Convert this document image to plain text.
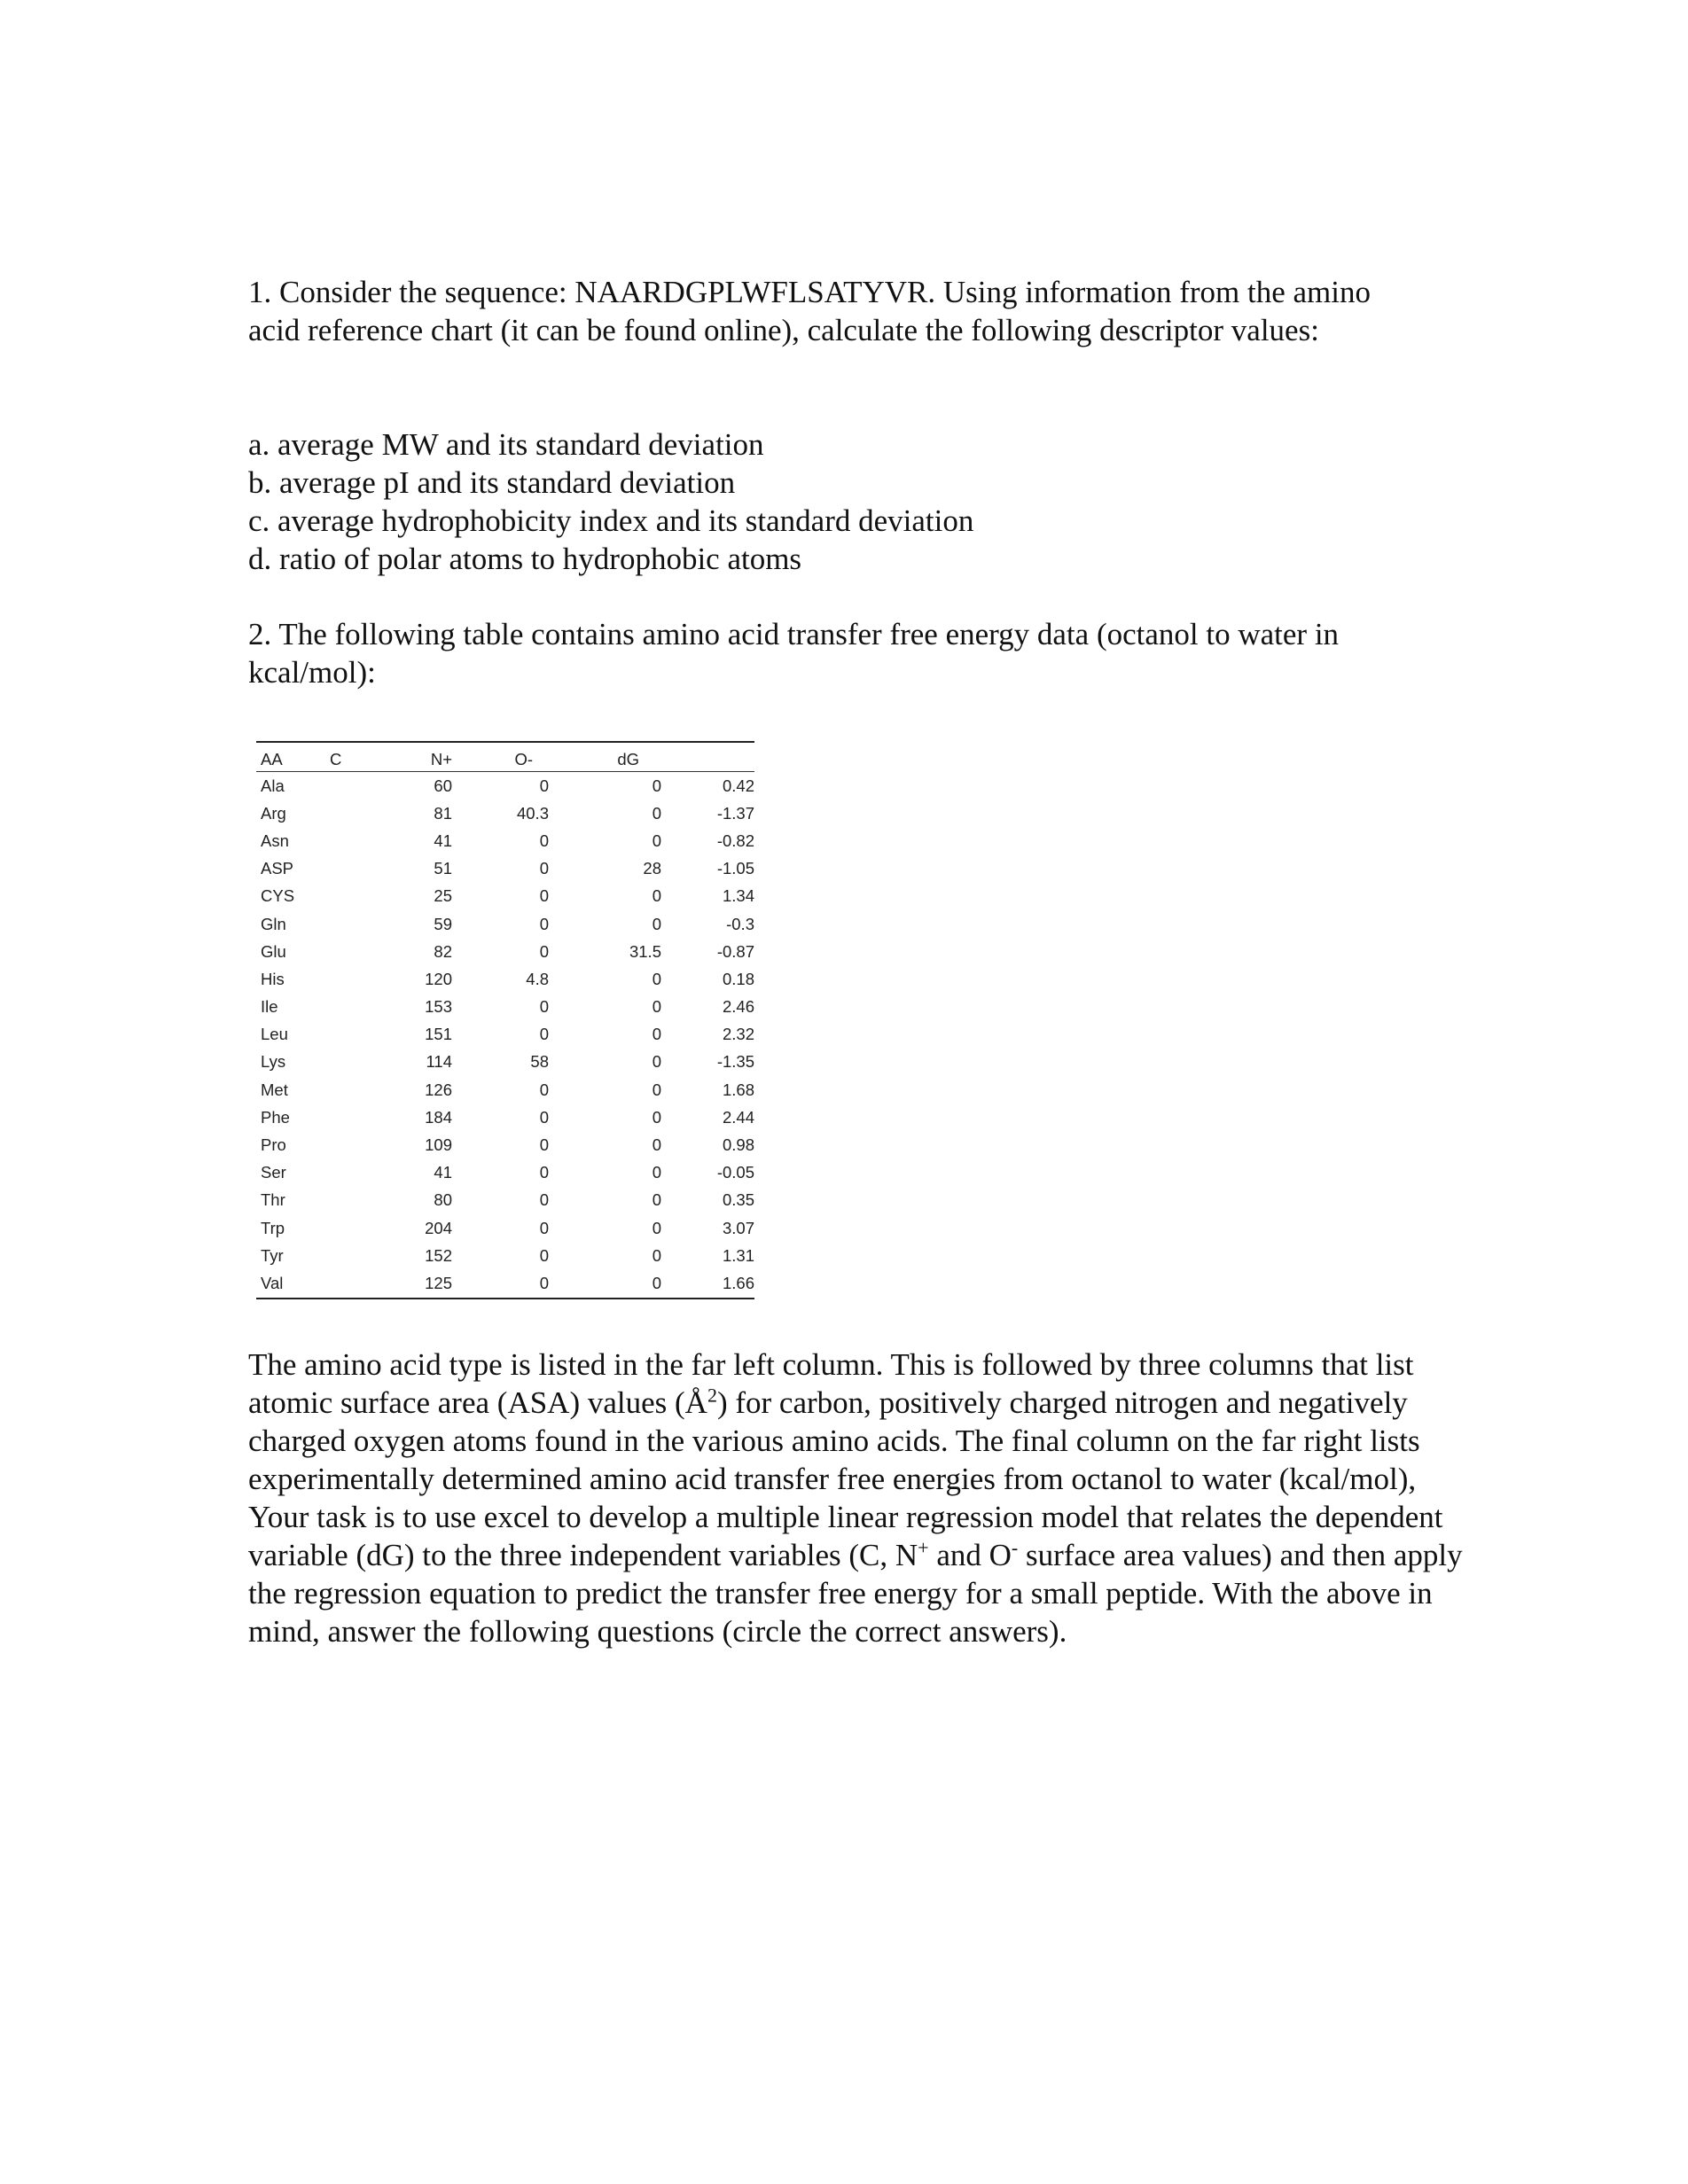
1. Consider the sequence: NAARDGPLWFLSATYVR. Using information from the amino acid reference chart (it can be found online), calculate the following descriptor values:

a. average MW and its standard deviation
b. average pI and its standard deviation
c. average hydrophobicity index and its standard deviation
d. ratio of polar atoms to hydrophobic atoms

2. The following table contains amino acid transfer free energy data (octanol to water in kcal/mol):

AA	C	N+	O-	dG	
Ala		60	0	0	0.42
Arg		81	40.3	0	-1.37
Asn		41	0	0	-0.82
ASP		51	0	28	-1.05
CYS		25	0	0	1.34
Gln		59	0	0	-0.3
Glu		82	0	31.5	-0.87
His		120	4.8	0	0.18
Ile		153	0	0	2.46
Leu		151	0	0	2.32
Lys		114	58	0	-1.35
Met		126	0	0	1.68
Phe		184	0	0	2.44
Pro		109	0	0	0.98
Ser		41	0	0	-0.05
Thr		80	0	0	0.35
Trp		204	0	0	3.07
Tyr		152	0	0	1.31
Val		125	0	0	1.66

The amino acid type is listed in the far left column. This is followed by three columns that list atomic surface area (ASA) values $(Å^2)$ for carbon, positively charged nitrogen and negatively charged oxygen atoms found in the various amino acids. The final column on the far right lists experimentally determined amino acid transfer free energies from octanol to water (kcal/mol), Your task is to use excel to develop a multiple linear regression model that relates the dependent variable (dG) to the three independent variables (C, N+ and O- surface area values) and then apply the regression equation to predict the transfer free energy for a small peptide. With the above in mind, answer the following questions (circle the correct answers).
